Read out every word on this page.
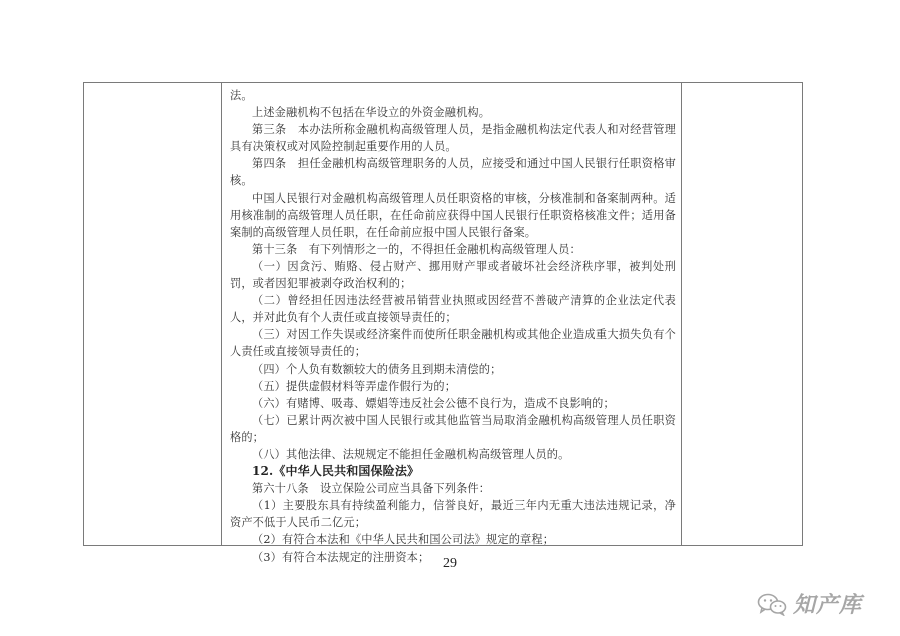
法。

上述金融机构不包括在华设立的外资金融机构。

第三条　本办法所称金融机构高级管理人员，是指金融机构法定代表人和对经营管理具有决策权或对风险控制起重要作用的人员。

第四条　担任金融机构高级管理职务的人员，应接受和通过中国人民银行任职资格审核。

中国人民银行对金融机构高级管理人员任职资格的审核，分核准制和备案制两种。适用核准制的高级管理人员任职，在任命前应获得中国人民银行任职资格核准文件；适用备案制的高级管理人员任职，在任命前应报中国人民银行备案。

第十三条　有下列情形之一的，不得担任金融机构高级管理人员：

（一）因贪污、贿赂、侵占财产、挪用财产罪或者破坏社会经济秩序罪，被判处刑罚，或者因犯罪被剥夺政治权利的；

（二）曾经担任因违法经营被吊销营业执照或因经营不善破产清算的企业法定代表人，并对此负有个人责任或直接领导责任的；

（三）对因工作失误或经济案件而使所任职金融机构或其他企业造成重大损失负有个人责任或直接领导责任的；

（四）个人负有数额较大的债务且到期未清偿的；

（五）提供虚假材料等弄虚作假行为的；

（六）有赌博、吸毒、嫖娼等违反社会公德不良行为，造成不良影响的；

（七）已累计两次被中国人民银行或其他监管当局取消金融机构高级管理人员任职资格的；

（八）其他法律、法规规定不能担任金融机构高级管理人员的。

12.《中华人民共和国保险法》

第六十八条　设立保险公司应当具备下列条件：

（1）主要股东具有持续盈利能力，信誉良好，最近三年内无重大违法违规记录，净资产不低于人民币二亿元；

（2）有符合本法和《中华人民共和国公司法》规定的章程；

（3）有符合本法规定的注册资本； 29
知产库
